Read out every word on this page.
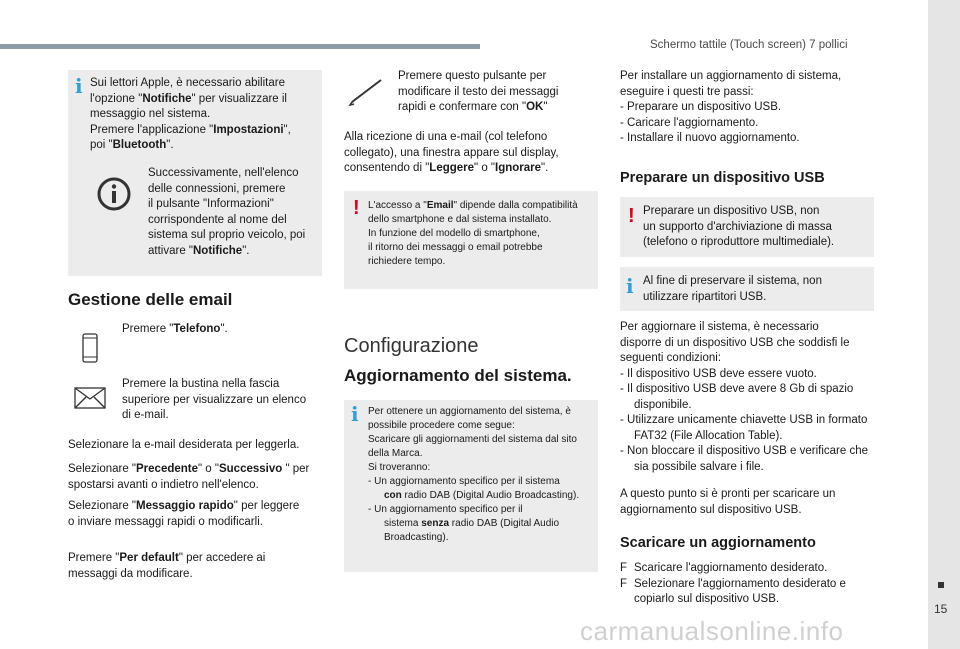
Schermo tattile (Touch screen) 7 pollici
15
carmanualsonline.info
i Sui lettori Apple, è necessario abilitare
l'opzione "Notifiche" per visualizzare il
messaggio nel sistema.
Premere l'applicazione "Impostazioni",
poi "Bluetooth".
Successivamente, nell'elenco
delle connessioni, premere
il pulsante "Informazioni"
corrispondente al nome del
sistema sul proprio veicolo, poi
attivare "Notifiche".
Gestione delle email
Premere "Telefono".
Premere la bustina nella fascia
superiore per visualizzare un elenco
di e-mail.
Selezionare la e-mail desiderata per leggerla.
Selezionare "Precedente" o "Successivo " per
spostarsi avanti o indietro nell'elenco.
Selezionare "Messaggio rapido" per leggere
o inviare messaggi rapidi o modificarli.
Premere "Per default" per accedere ai
messaggi da modificare.
Premere questo pulsante per
modificare il testo dei messaggi
rapidi e confermare con "OK"
Alla ricezione di una e-mail (col telefono
collegato), una finestra appare sul display,
consentendo di "Leggere" o "Ignorare".
! L'accesso a "Email" dipende dalla compatibilità
dello smartphone e dal sistema installato.
In funzione del modello di smartphone,
il ritorno dei messaggi o email potrebbe
richiedere tempo.
Configurazione
Aggiornamento del sistema.
i Per ottenere un aggiornamento del sistema, è
possibile procedere come segue:
Scaricare gli aggiornamenti del sistema dal sito
della Marca.
Si troveranno:
- Un aggiornamento specifico per il sistema
con radio DAB (Digital Audio Broadcasting).
- Un aggiornamento specifico per il
sistema senza radio DAB (Digital Audio
Broadcasting).
Per installare un aggiornamento di sistema,
eseguire i questi tre passi:
- Preparare un dispositivo USB.
- Caricare l'aggiornamento.
- Installare il nuovo aggiornamento.
Preparare un dispositivo USB
! Preparare un dispositivo USB, non
un supporto d'archiviazione di massa
(telefono o riproduttore multimediale).
i Al fine di preservare il sistema, non
utilizzare ripartitori USB.
Per aggiornare il sistema, è necessario
disporre di un dispositivo USB che soddisfi le
seguenti condizioni:
- Il dispositivo USB deve essere vuoto.
- Il dispositivo USB deve avere 8 Gb di spazio disponibile.
- Utilizzare unicamente chiavette USB in formato FAT32 (File Allocation Table).
- Non bloccare il dispositivo USB e verificare che sia possibile salvare i file.
A questo punto si è pronti per scaricare un
aggiornamento sul dispositivo USB.
Scaricare un aggiornamento
F Scaricare l'aggiornamento desiderato.
F Selezionare l'aggiornamento desiderato e
copiarlo sul dispositivo USB.
